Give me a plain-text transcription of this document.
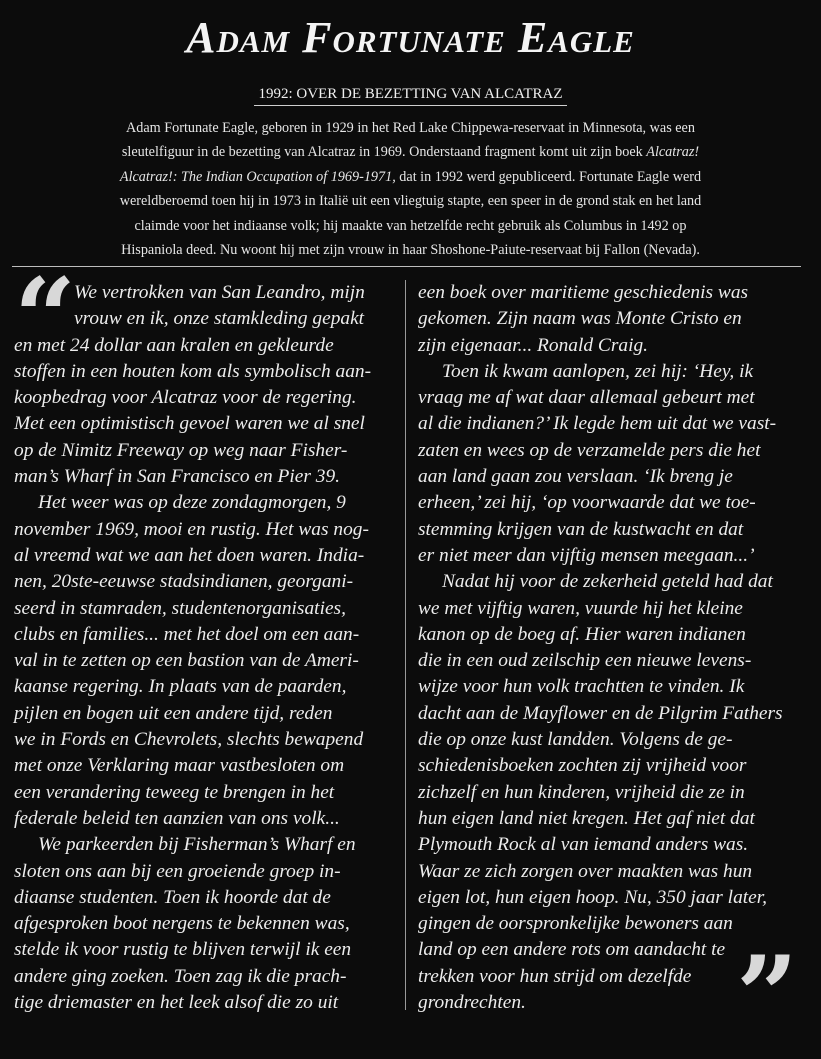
Adam Fortunate Eagle
1992: OVER DE BEZETTING VAN ALCATRAZ
Adam Fortunate Eagle, geboren in 1929 in het Red Lake Chippewa-reservaat in Minnesota, was een
sleutelfiguur in de bezetting van Alcatraz in 1969. Onderstaand fragment komt uit zijn boek Alcatraz!
Alcatraz!: The Indian Occupation of 1969-1971, dat in 1992 werd gepubliceerd. Fortunate Eagle werd
wereldberoemd toen hij in 1973 in Italië uit een vliegtuig stapte, een speer in de grond stak en het land
claimde voor het indiaanse volk; hij maakte van hetzelfde recht gebruik als Columbus in 1492 op
Hispaniola deed. Nu woont hij met zijn vrouw in haar Shoshone-Paiute-reservaat bij Fallon (Nevada).
“
We vertrokken van San Leandro, mijn
vrouw en ik, onze stamkleding gepakt
en met 24 dollar aan kralen en gekleurde
stoffen in een houten kom als symbolisch aan-
koopbedrag voor Alcatraz voor de regering.
Met een optimistisch gevoel waren we al snel
op de Nimitz Freeway op weg naar Fisher-
man’s Wharf in San Francisco en Pier 39.
Het weer was op deze zondagmorgen, 9
november 1969, mooi en rustig. Het was nog-
al vreemd wat we aan het doen waren. India-
nen, 20ste-eeuwse stadsindianen, georgani-
seerd in stamraden, studentenorganisaties,
clubs en families... met het doel om een aan-
val in te zetten op een bastion van de Ameri-
kaanse regering. In plaats van de paarden,
pijlen en bogen uit een andere tijd, reden
we in Fords en Chevrolets, slechts bewapend
met onze Verklaring maar vastbesloten om
een verandering teweeg te brengen in het
federale beleid ten aanzien van ons volk...
We parkeerden bij Fisherman’s Wharf en
sloten ons aan bij een groeiende groep in-
diaanse studenten. Toen ik hoorde dat de
afgesproken boot nergens te bekennen was,
stelde ik voor rustig te blijven terwijl ik een
andere ging zoeken. Toen zag ik die prach-
tige driemaster en het leek alsof die zo uit
een boek over maritieme geschiedenis was
gekomen. Zijn naam was Monte Cristo en
zijn eigenaar... Ronald Craig.
Toen ik kwam aanlopen, zei hij: ‘Hey, ik
vraag me af wat daar allemaal gebeurt met
al die indianen?’ Ik legde hem uit dat we vast-
zaten en wees op de verzamelde pers die het
aan land gaan zou verslaan. ‘Ik breng je
erheen,’ zei hij, ‘op voorwaarde dat we toe-
stemming krijgen van de kustwacht en dat
er niet meer dan vijftig mensen meegaan...’
Nadat hij voor de zekerheid geteld had dat
we met vijftig waren, vuurde hij het kleine
kanon op de boeg af. Hier waren indianen
die in een oud zeilschip een nieuwe levens-
wijze voor hun volk trachtten te vinden. Ik
dacht aan de Mayflower en de Pilgrim Fathers
die op onze kust landden. Volgens de ge-
schiedenisboeken zochten zij vrijheid voor
zichzelf en hun kinderen, vrijheid die ze in
hun eigen land niet kregen. Het gaf niet dat
Plymouth Rock al van iemand anders was.
Waar ze zich zorgen over maakten was hun
eigen lot, hun eigen hoop. Nu, 350 jaar later,
gingen de oorspronkelijke bewoners aan
land op een andere rots om aandacht te
trekken voor hun strijd om dezelfde
grondrechten.	”
